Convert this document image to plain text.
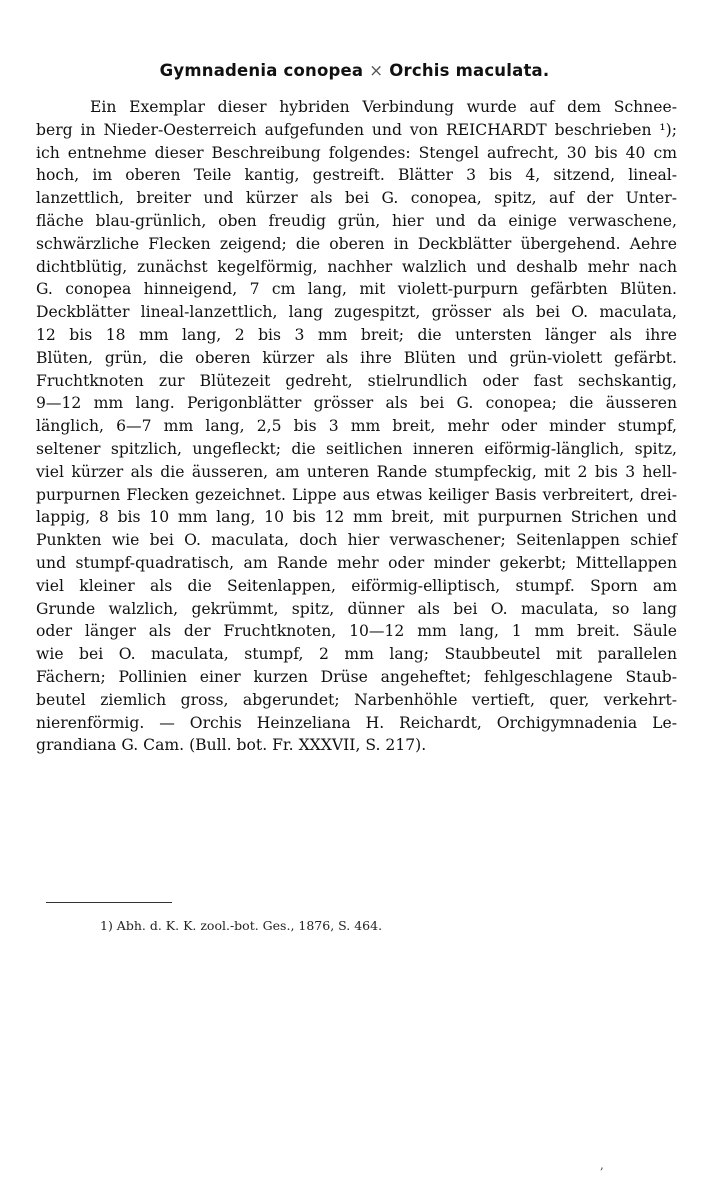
Gymnadenia conopea × Orchis maculata.
Ein Exemplar dieser hybriden Verbindung wurde auf dem Schnee-
berg in Nieder-Oesterreich aufgefunden und von REICHARDT beschrieben ¹);
ich entnehme dieser Beschreibung folgendes: Stengel aufrecht, 30 bis 40 cm
hoch, im oberen Teile kantig, gestreift. Blätter 3 bis 4, sitzend, lineal-
lanzettlich, breiter und kürzer als bei G. conopea, spitz, auf der Unter-
fläche blau-grünlich, oben freudig grün, hier und da einige verwaschene,
schwärzliche Flecken zeigend; die oberen in Deckblätter übergehend. Aehre
dichtblütig, zunächst kegelförmig, nachher walzlich und deshalb mehr nach
G. conopea hinneigend, 7 cm lang, mit violett-purpurn gefärbten Blüten.
Deckblätter lineal-lanzettlich, lang zugespitzt, grösser als bei O. maculata,
12 bis 18 mm lang, 2 bis 3 mm breit; die untersten länger als ihre
Blüten, grün, die oberen kürzer als ihre Blüten und grün-violett gefärbt.
Fruchtknoten zur Blütezeit gedreht, stielrundlich oder fast sechskantig,
9—12 mm lang. Perigonblätter grösser als bei G. conopea; die äusseren
länglich, 6—7 mm lang, 2,5 bis 3 mm breit, mehr oder minder stumpf,
seltener spitzlich, ungefleckt; die seitlichen inneren eiförmig-länglich, spitz,
viel kürzer als die äusseren, am unteren Rande stumpfeckig, mit 2 bis 3 hell-
purpurnen Flecken gezeichnet. Lippe aus etwas keiliger Basis verbreitert, drei-
lappig, 8 bis 10 mm lang, 10 bis 12 mm breit, mit purpurnen Strichen und
Punkten wie bei O. maculata, doch hier verwaschener; Seitenlappen schief
und stumpf-quadratisch, am Rande mehr oder minder gekerbt; Mittellappen
viel kleiner als die Seitenlappen, eiförmig-elliptisch, stumpf. Sporn am
Grunde walzlich, gekrümmt, spitz, dünner als bei O. maculata, so lang
oder länger als der Fruchtknoten, 10—12 mm lang, 1 mm breit. Säule
wie bei O. maculata, stumpf, 2 mm lang; Staubbeutel mit parallelen
Fächern; Pollinien einer kurzen Drüse angeheftet; fehlgeschlagene Staub-
beutel ziemlich gross, abgerundet; Narbenhöhle vertieft, quer, verkehrt-
nierenförmig. — Orchis Heinzeliana H. Reichardt, Orchigymnadenia Le-
grandiana G. Cam. (Bull. bot. Fr. XXXVII, S. 217).
1) Abh. d. K. K. zool.-bot. Ges., 1876, S. 464.
,
